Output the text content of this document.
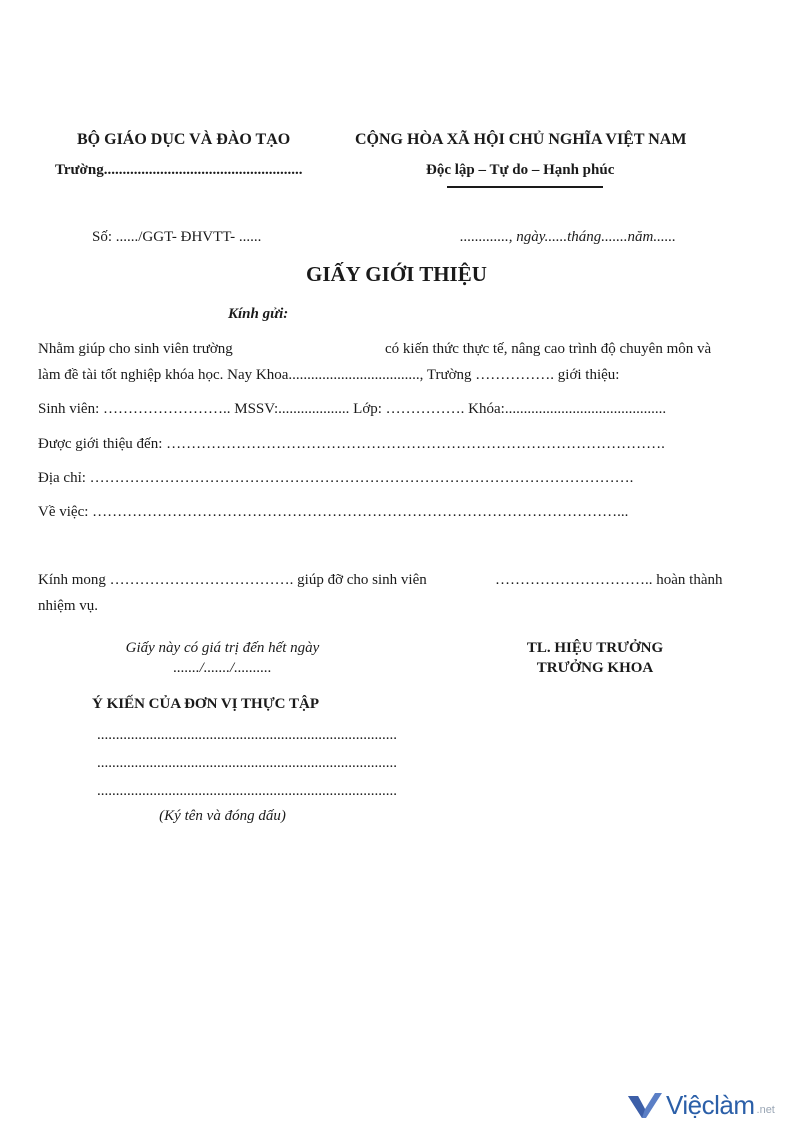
BỘ GIÁO DỤC VÀ ĐÀO TẠO
Trường.....................................................
CỘNG HÒA XÃ HỘI CHỦ NGHĨA VIỆT NAM
Độc lập – Tự do – Hạnh phúc
Số: ....../GGT- ĐHVTT- ......	............., ngày......tháng.......năm......
GIẤY GIỚI THIỆU
Kính gửi:
Nhằm giúp cho sinh viên trường	có kiến thức thực tế, nâng cao trình độ chuyên môn và
làm đề tài tốt nghiệp khóa học. Nay Khoa..................................., Trường ……………. giới thiệu:
Sinh viên: …………………….. MSSV:................... Lớp: ……………. Khóa:...........................................
Được giới thiệu đến: ……………………………………………………………………………………….
Địa chỉ: ……………………………………………………………………………………………….
Về việc: ……………………………………………………………………………………………...
Kính mong ………………………………. giúp đỡ cho sinh viên	………………………….. hoàn thành
nhiệm vụ.
Giấy này có giá trị đến hết ngày
......./......./..........
TL. HIỆU TRƯỞNG
TRƯỞNG KHOA
Ý KIẾN CỦA ĐƠN VỊ THỰC TẬP
................................................................................
................................................................................
................................................................................
(Ký tên và đóng dấu)
Việclàm .net
